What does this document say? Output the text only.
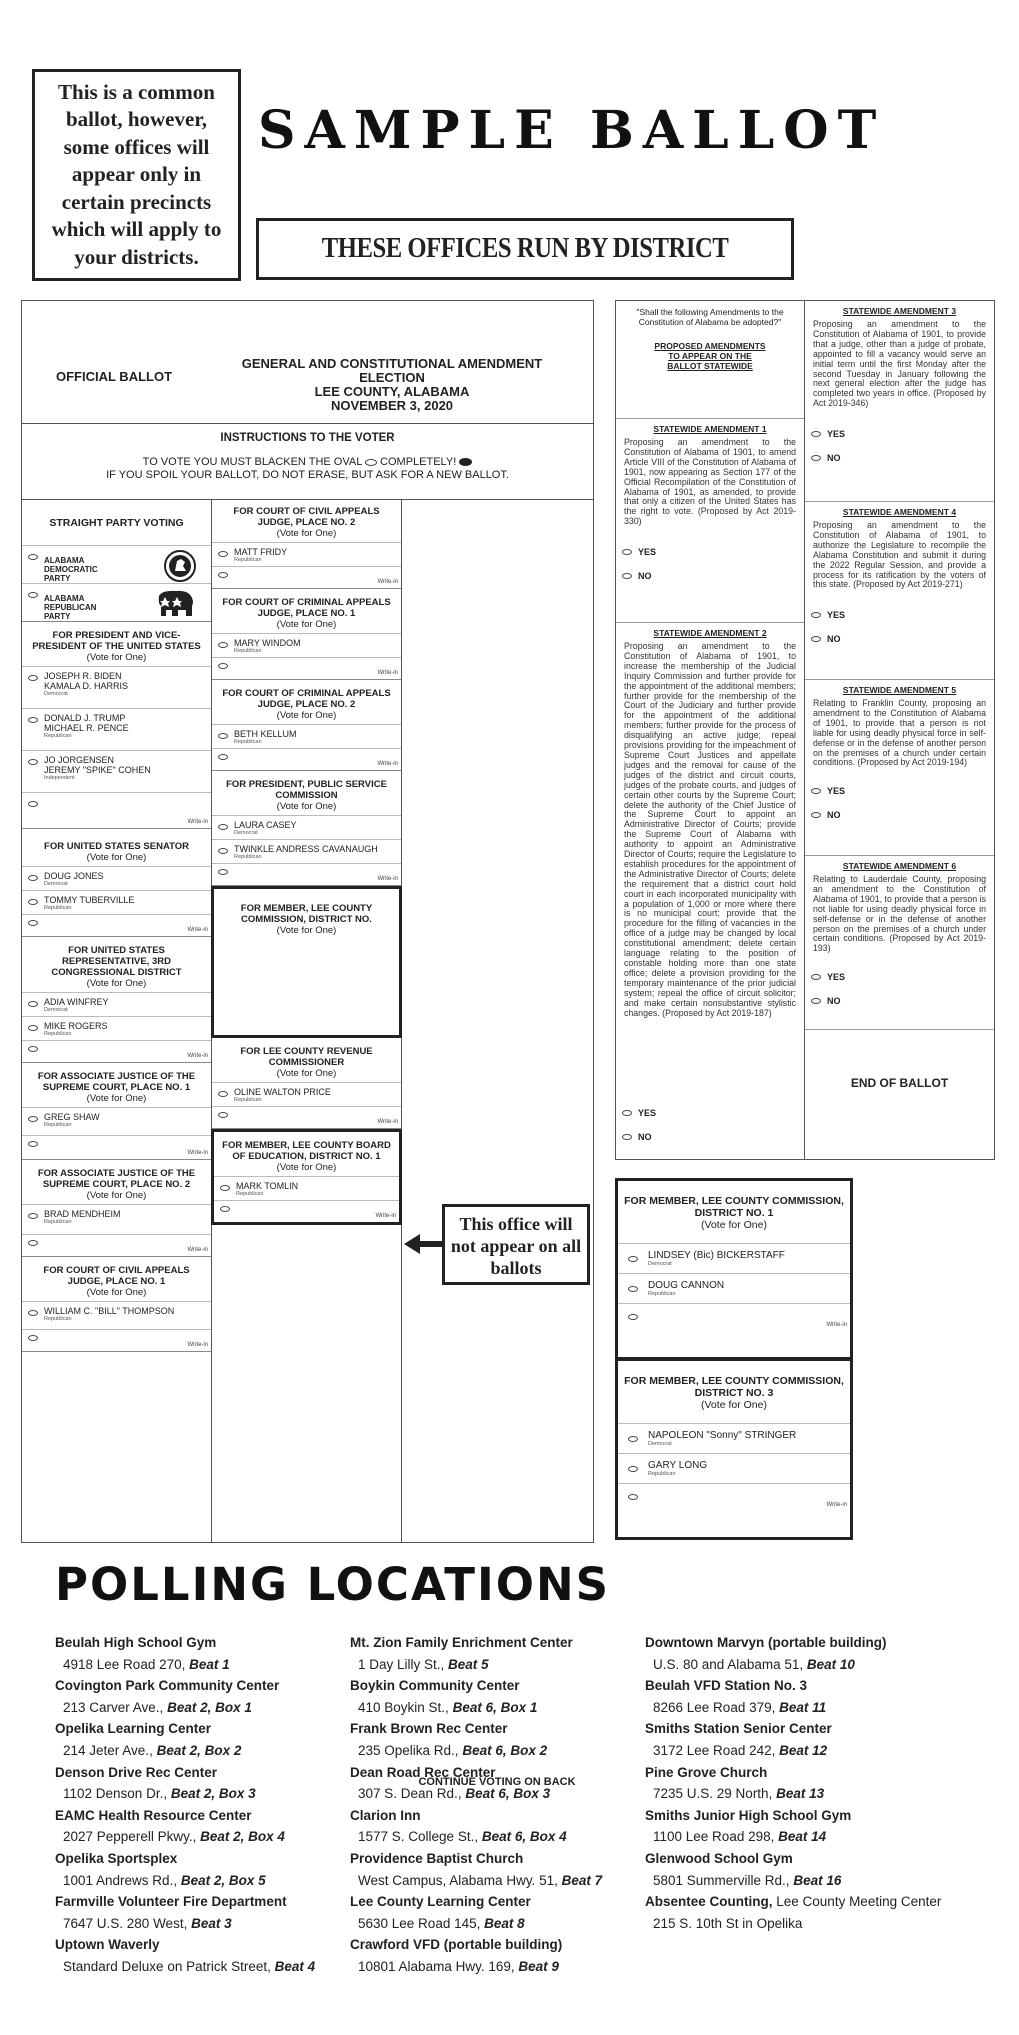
This is a common ballot, however, some offices will appear only in certain precincts which will apply to your districts.
SAMPLE BALLOT
THESE OFFICES RUN BY DISTRICT
OFFICIAL BALLOT
GENERAL AND CONSTITUTIONAL AMENDMENT ELECTION
LEE COUNTY, ALABAMA
NOVEMBER 3, 2020
INSTRUCTIONS TO THE VOTER
TO VOTE YOU MUST BLACKEN THE OVAL COMPLETELY!
IF YOU SPOIL YOUR BALLOT, DO NOT ERASE, BUT ASK FOR A NEW BALLOT.
STRAIGHT PARTY VOTING
ALABAMA DEMOCRATIC PARTY
ALABAMA REPUBLICAN PARTY
FOR PRESIDENT AND VICE-PRESIDENT OF THE UNITED STATES
(Vote for One)
JOSEPH R. BIDEN
KAMALA D. HARRIS
Democrat
DONALD J. TRUMP
MICHAEL R. PENCE
Republican
JO JORGENSEN
JEREMY "SPIKE" COHEN
Independent
Write-in
FOR UNITED STATES SENATOR
(Vote for One)
DOUG JONES
Democrat
TOMMY TUBERVILLE
Republican
Write-in
FOR UNITED STATES REPRESENTATIVE, 3RD CONGRESSIONAL DISTRICT
(Vote for One)
ADIA WINFREY
Democrat
MIKE ROGERS
Republican
Write-in
FOR ASSOCIATE JUSTICE OF THE SUPREME COURT, PLACE NO. 1
(Vote for One)
GREG SHAW
Republican
Write-in
FOR ASSOCIATE JUSTICE OF THE SUPREME COURT, PLACE NO. 2
(Vote for One)
BRAD MENDHEIM
Republican
Write-in
FOR COURT OF CIVIL APPEALS JUDGE, PLACE NO. 1
(Vote for One)
WILLIAM C. "BILL" THOMPSON
Republican
Write-in
FOR COURT OF CIVIL APPEALS JUDGE, PLACE NO. 2
(Vote for One)
MATT FRIDY
Republican
Write-in
FOR COURT OF CRIMINAL APPEALS JUDGE, PLACE NO. 1
(Vote for One)
MARY WINDOM
Republican
Write-in
FOR COURT OF CRIMINAL APPEALS JUDGE, PLACE NO. 2
(Vote for One)
BETH KELLUM
Republican
Write-in
FOR PRESIDENT, PUBLIC SERVICE COMMISSION
(Vote for One)
LAURA CASEY
Democrat
TWINKLE ANDRESS CAVANAUGH
Republican
Write-in
FOR MEMBER, LEE COUNTY COMMISSION, DISTRICT NO.
(Vote for One)
FOR LEE COUNTY REVENUE COMMISSIONER
(Vote for One)
OLINE WALTON PRICE
Republican
Write-in
FOR MEMBER, LEE COUNTY BOARD OF EDUCATION, DISTRICT NO. 1
(Vote for One)
MARK TOMLIN
Republican
Write-in
CONTINUE VOTING ON BACK
This office will not appear on all ballots
"Shall the following Amendments to the Constitution of Alabama be adopted?"
PROPOSED AMENDMENTS TO APPEAR ON THE BALLOT STATEWIDE
STATEWIDE AMENDMENT 1
Proposing an amendment to the Constitution of Alabama of 1901, to amend Article VIII of the Constitution of Alabama of 1901, now appearing as Section 177 of the Official Recompilation of the Constitution of Alabama of 1901, as amended, to provide that only a citizen of the United States has the right to vote. (Proposed by Act 2019-330)
YES
NO
STATEWIDE AMENDMENT 2
Proposing an amendment to the Constitution of Alabama of 1901, to increase the membership of the Judicial Inquiry Commission and further provide for the appointment of the additional members; further provide for the membership of the Court of the Judiciary and further provide for the appointment of the additional members; further provide for the process of disqualifying an active judge; repeal provisions providing for the impeachment of Supreme Court Justices and appellate judges and the removal for cause of the judges of the district and circuit courts, judges of the probate courts, and judges of certain other courts by the Supreme Court; delete the authority of the Chief Justice of the Supreme Court to appoint an Administrative Director of Courts; provide the Supreme Court of Alabama with authority to appoint an Administrative Director of Courts; require the Legislature to establish procedures for the appointment of the Administrative Director of Courts; delete the requirement that a district court hold court in each incorporated municipality with a population of 1,000 or more where there is no municipal court; provide that the procedure for the filling of vacancies in the office of a judge may be changed by local constitutional amendment; delete certain language relating to the position of constable holding more than one state office; delete a provision providing for the temporary maintenance of the prior judicial system; repeal the office of circuit solicitor; and make certain nonsubstantive stylistic changes. (Proposed by Act 2019-187)
YES
NO
STATEWIDE AMENDMENT 3
Proposing an amendment to the Constitution of Alabama of 1901, to provide that a judge, other than a judge of probate, appointed to fill a vacancy would serve an initial term until the first Monday after the second Tuesday in January following the next general election after the judge has completed two years in office. (Proposed by Act 2019-346)
YES
NO
STATEWIDE AMENDMENT 4
Proposing an amendment to the Constitution of Alabama of 1901, to authorize the Legislature to recompile the Alabama Constitution and submit it during the 2022 Regular Session, and provide a process for its ratification by the voters of this state. (Proposed by Act 2019-271)
YES
NO
STATEWIDE AMENDMENT 5
Relating to Franklin County, proposing an amendment to the Constitution of Alabama of 1901, to provide that a person is not liable for using deadly physical force in self-defense or in the defense of another person on the premises of a church under certain conditions. (Proposed by Act 2019-194)
YES
NO
STATEWIDE AMENDMENT 6
Relating to Lauderdale County, proposing an amendment to the Constitution of Alabama of 1901, to provide that a person is not liable for using deadly physical force in self-defense or in the defense of another person on the premises of a church under certain conditions. (Proposed by Act 2019-193)
YES
NO
END OF BALLOT
FOR MEMBER, LEE COUNTY COMMISSION, DISTRICT NO. 1
(Vote for One)
LINDSEY (Bic) BICKERSTAFF
Democrat
DOUG CANNON
Republican
Write-in
FOR MEMBER, LEE COUNTY COMMISSION, DISTRICT NO. 3
(Vote for One)
NAPOLEON "Sonny" STRINGER
Democrat
GARY LONG
Republican
Write-in
POLLING LOCATIONS
Beulah High School Gym
4918 Lee Road 270, Beat 1
Covington Park Community Center
213 Carver Ave., Beat 2, Box 1
Opelika Learning Center
214 Jeter Ave., Beat 2, Box 2
Denson Drive Rec Center
1102 Denson Dr., Beat 2, Box 3
EAMC Health Resource Center
2027 Pepperell Pkwy., Beat 2, Box 4
Opelika Sportsplex
1001 Andrews Rd., Beat 2, Box 5
Farmville Volunteer Fire Department
7647 U.S. 280 West, Beat 3
Uptown Waverly
Standard Deluxe on Patrick Street, Beat 4
Mt. Zion Family Enrichment Center
1 Day Lilly St., Beat 5
Boykin Community Center
410 Boykin St., Beat 6, Box 1
Frank Brown Rec Center
235 Opelika Rd., Beat 6, Box 2
Dean Road Rec Center
307 S. Dean Rd., Beat 6, Box 3
Clarion Inn
1577 S. College St., Beat 6, Box 4
Providence Baptist Church
West Campus, Alabama Hwy. 51, Beat 7
Lee County Learning Center
5630 Lee Road 145, Beat 8
Crawford VFD (portable building)
10801 Alabama Hwy. 169, Beat 9
Downtown Marvyn (portable building)
U.S. 80 and Alabama 51, Beat 10
Beulah VFD Station No. 3
8266 Lee Road 379, Beat 11
Smiths Station Senior Center
3172 Lee Road 242, Beat 12
Pine Grove Church
7235 U.S. 29 North, Beat 13
Smiths Junior High School Gym
1100 Lee Road 298, Beat 14
Glenwood School Gym
5801 Summerville Rd., Beat 16
Absentee Counting, Lee County Meeting Center
215 S. 10th St in Opelika
